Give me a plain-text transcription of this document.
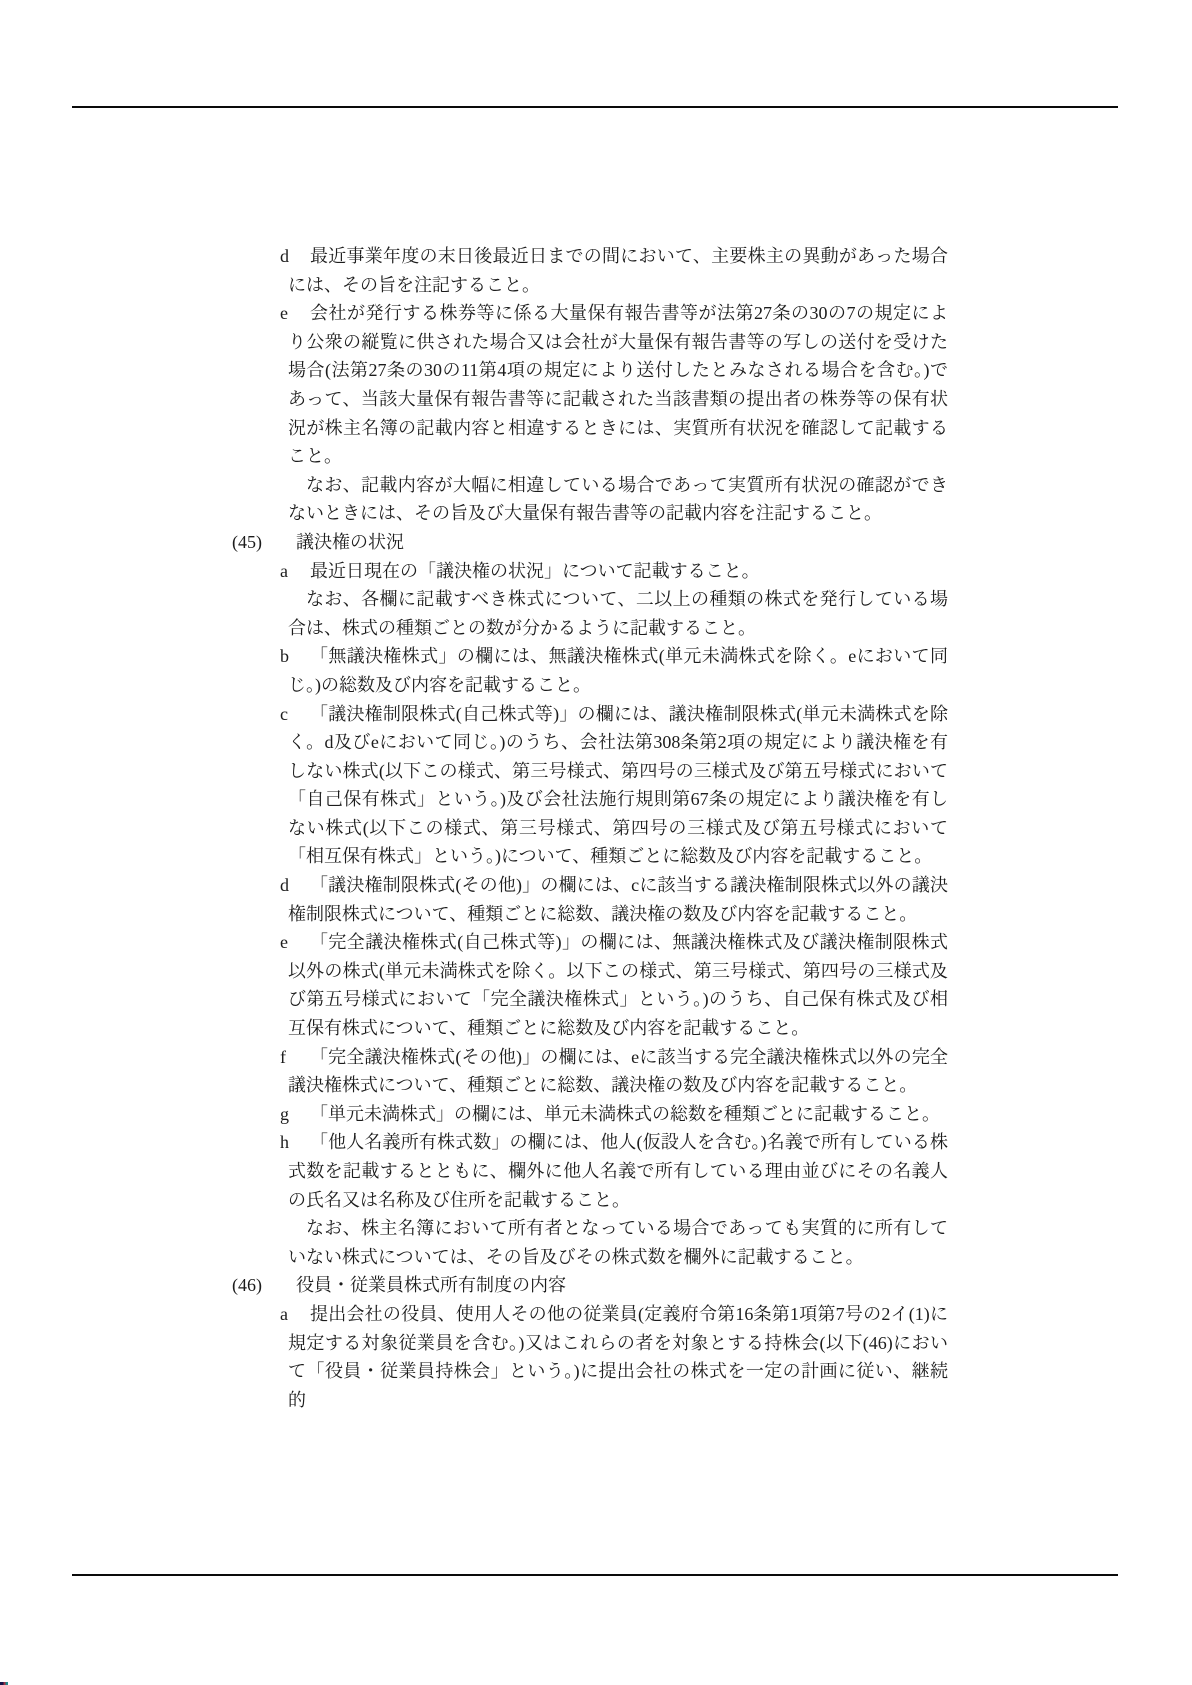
d 最近事業年度の末日後最近日までの間において、主要株主の異動があった場合には、その旨を注記すること。
e 会社が発行する株券等に係る大量保有報告書等が法第27条の30の7の規定により公衆の縦覧に供された場合又は会社が大量保有報告書等の写しの送付を受けた場合(法第27条の30の11第4項の規定により送付したとみなされる場合を含む。)であって、当該大量保有報告書等に記載された当該書類の提出者の株券等の保有状況が株主名簿の記載内容と相違するときには、実質所有状況を確認して記載すること。
なお、記載内容が大幅に相違している場合であって実質所有状況の確認ができないときには、その旨及び大量保有報告書等の記載内容を注記すること。
(45) 議決権の状況
a 最近日現在の「議決権の状況」について記載すること。
なお、各欄に記載すべき株式について、二以上の種類の株式を発行している場合は、株式の種類ごとの数が分かるように記載すること。
b 「無議決権株式」の欄には、無議決権株式(単元未満株式を除く。eにおいて同じ。)の総数及び内容を記載すること。
c 「議決権制限株式(自己株式等)」の欄には、議決権制限株式(単元未満株式を除く。d及びeにおいて同じ。)のうち、会社法第308条第2項の規定により議決権を有しない株式(以下この様式、第三号様式、第四号の三様式及び第五号様式において「自己保有株式」という。)及び会社法施行規則第67条の規定により議決権を有しない株式(以下この様式、第三号様式、第四号の三様式及び第五号様式において「相互保有株式」という。)について、種類ごとに総数及び内容を記載すること。
d 「議決権制限株式(その他)」の欄には、cに該当する議決権制限株式以外の議決権制限株式について、種類ごとに総数、議決権の数及び内容を記載すること。
e 「完全議決権株式(自己株式等)」の欄には、無議決権株式及び議決権制限株式以外の株式(単元未満株式を除く。以下この様式、第三号様式、第四号の三様式及び第五号様式において「完全議決権株式」という。)のうち、自己保有株式及び相互保有株式について、種類ごとに総数及び内容を記載すること。
f 「完全議決権株式(その他)」の欄には、eに該当する完全議決権株式以外の完全議決権株式について、種類ごとに総数、議決権の数及び内容を記載すること。
g 「単元未満株式」の欄には、単元未満株式の総数を種類ごとに記載すること。
h 「他人名義所有株式数」の欄には、他人(仮設人を含む。)名義で所有している株式数を記載するとともに、欄外に他人名義で所有している理由並びにその名義人の氏名又は名称及び住所を記載すること。
なお、株主名簿において所有者となっている場合であっても実質的に所有していない株式については、その旨及びその株式数を欄外に記載すること。
(46) 役員・従業員株式所有制度の内容
a 提出会社の役員、使用人その他の従業員(定義府令第16条第1項第7号の2イ(1)に規定する対象従業員を含む。)又はこれらの者を対象とする持株会(以下(46)において「役員・従業員持株会」という。)に提出会社の株式を一定の計画に従い、継続的
